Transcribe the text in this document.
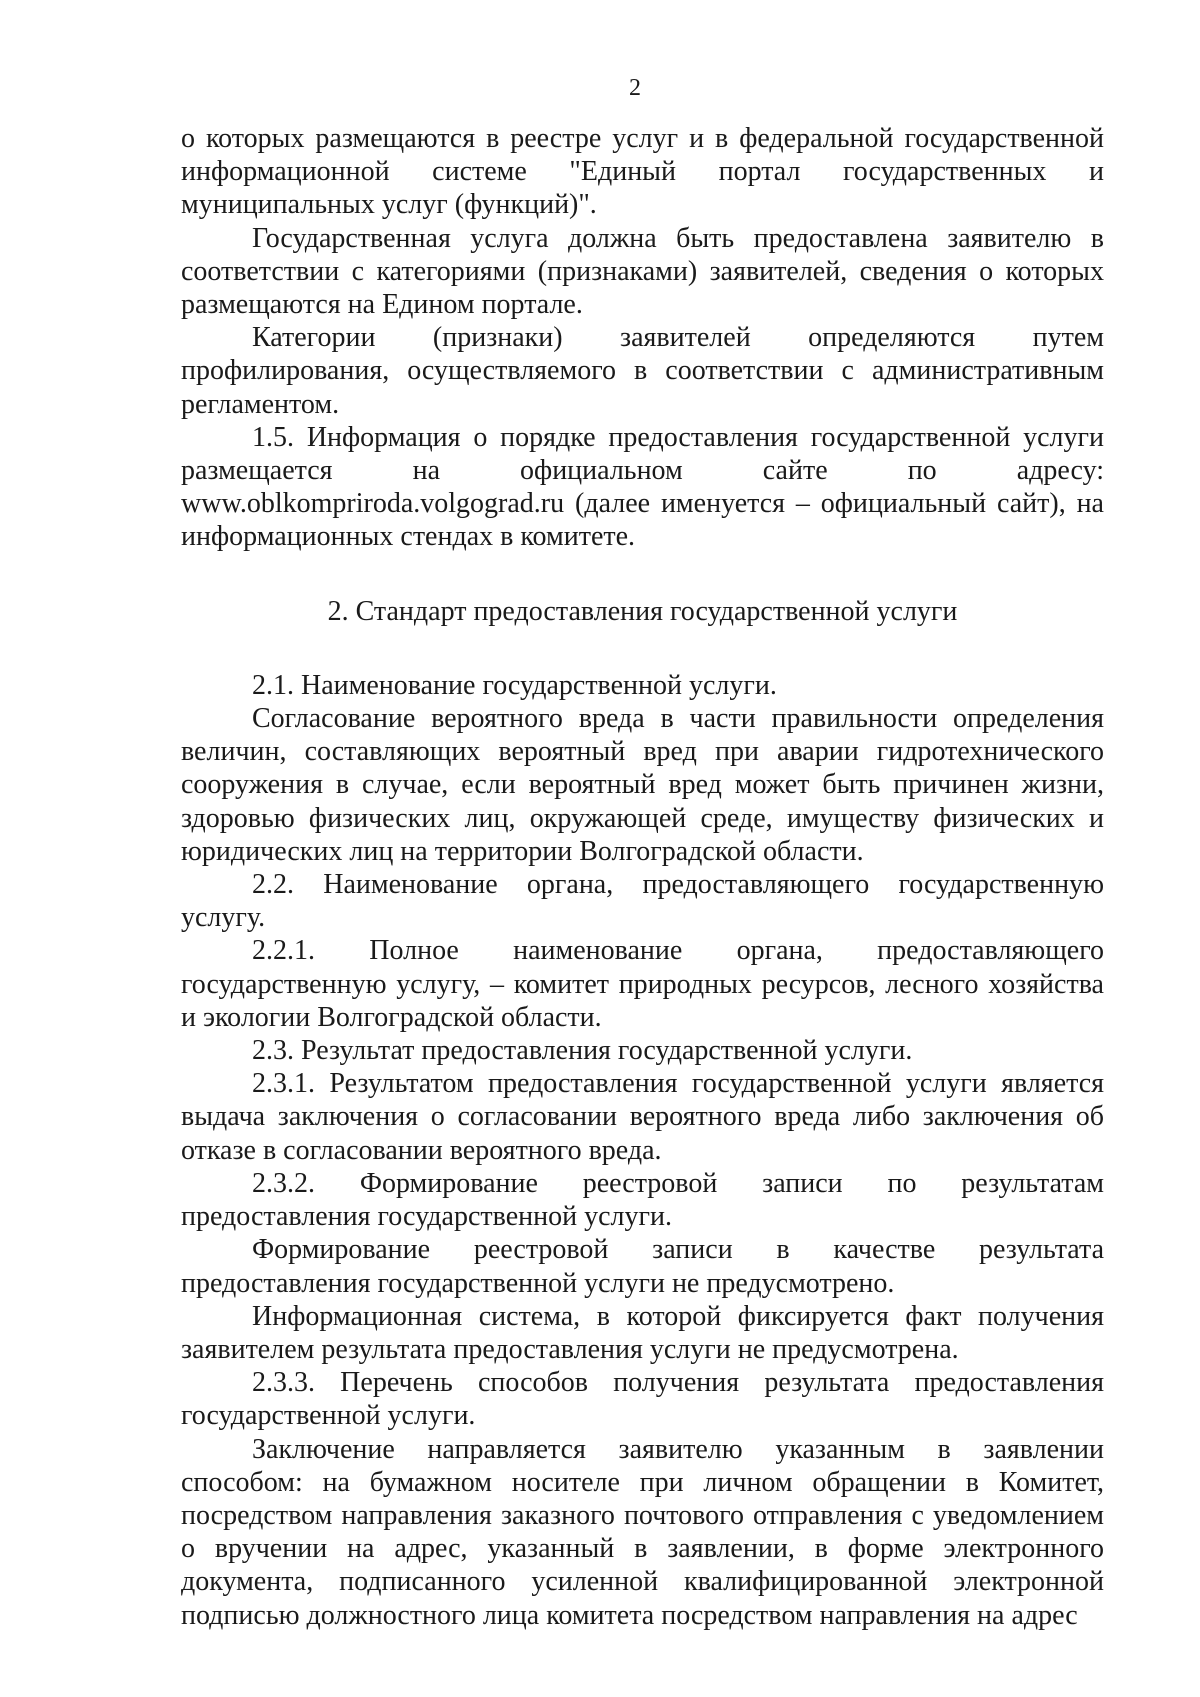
2

о которых размещаются в реестре услуг и в федеральной государственной информационной системе "Единый портал государственных и муниципальных услуг (функций)".

Государственная услуга должна быть предоставлена заявителю в соответствии с категориями (признаками) заявителей, сведения о которых размещаются на Едином портале.

Категории (признаки) заявителей определяются путем профилирования, осуществляемого в соответствии с административным регламентом.

1.5. Информация о порядке предоставления государственной услуги размещается на официальном сайте по адресу: www.oblkompriroda.volgograd.ru (далее именуется – официальный сайт), на информационных стендах в комитете.

2. Стандарт предоставления государственной услуги

2.1. Наименование государственной услуги.

Согласование вероятного вреда в части правильности определения величин, составляющих вероятный вред при аварии гидротехнического сооружения в случае, если вероятный вред может быть причинен жизни, здоровью физических лиц, окружающей среде, имуществу физических и юридических лиц на территории Волгоградской области.

2.2. Наименование органа, предоставляющего государственную услугу.

2.2.1. Полное наименование органа, предоставляющего государственную услугу, – комитет природных ресурсов, лесного хозяйства и экологии Волгоградской области.

2.3. Результат предоставления государственной услуги.

2.3.1. Результатом предоставления государственной услуги является выдача заключения о согласовании вероятного вреда либо заключения об отказе в согласовании вероятного вреда.

2.3.2. Формирование реестровой записи по результатам предоставления государственной услуги.

Формирование реестровой записи в качестве результата предоставления государственной услуги не предусмотрено.

Информационная система, в которой фиксируется факт получения заявителем результата предоставления услуги не предусмотрена.

2.3.3. Перечень способов получения результата предоставления государственной услуги.

Заключение направляется заявителю указанным в заявлении способом: на бумажном носителе при личном обращении в Комитет, посредством направления заказного почтового отправления с уведомлением о вручении на адрес, указанный в заявлении, в форме электронного документа, подписанного усиленной квалифицированной электронной подписью должностного лица комитета посредством направления на адрес
